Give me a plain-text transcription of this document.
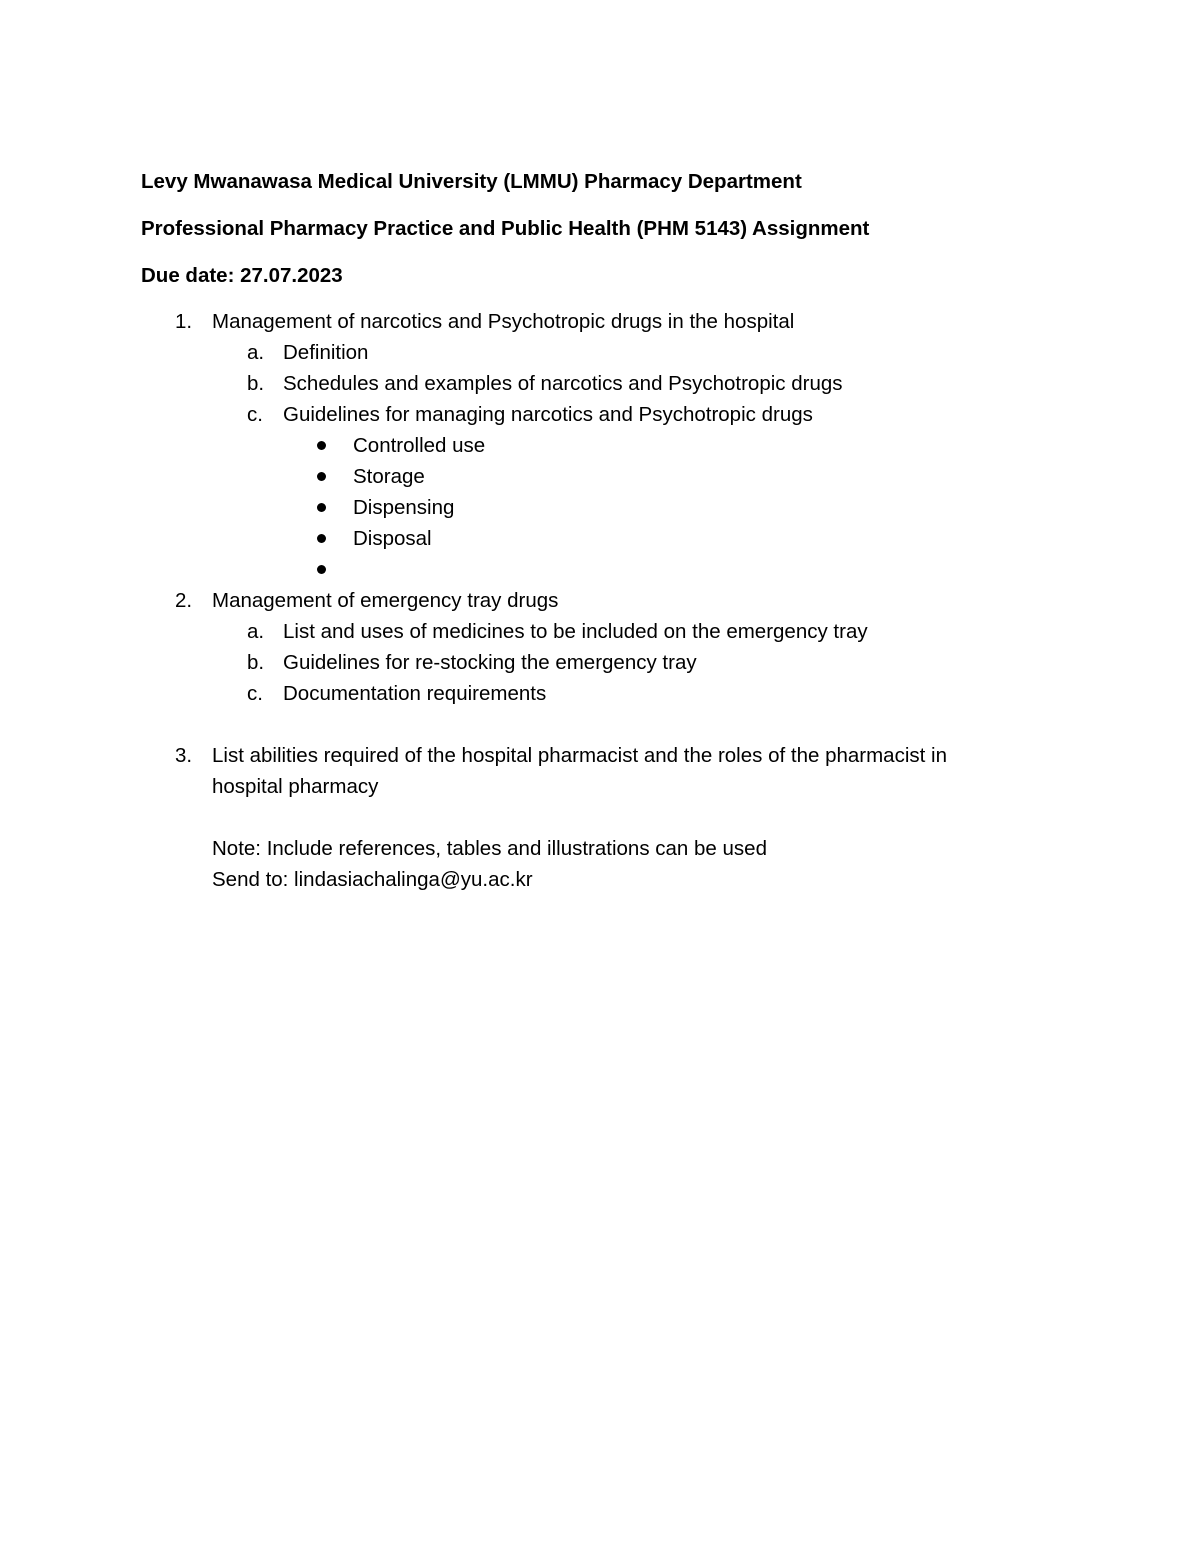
Levy Mwanawasa Medical University (LMMU) Pharmacy Department
Professional Pharmacy Practice and Public Health (PHM 5143) Assignment
Due date: 27.07.2023
1. Management of narcotics and Psychotropic drugs in the hospital
a. Definition
b. Schedules and examples of narcotics and Psychotropic drugs
c. Guidelines for managing narcotics and Psychotropic drugs
Controlled use
Storage
Dispensing
Disposal
2. Management of emergency tray drugs
a. List and uses of medicines to be included on the emergency tray
b. Guidelines for re-stocking the emergency tray
c. Documentation requirements
3. List abilities required of the hospital pharmacist and the roles of the pharmacist in
hospital pharmacy
Note: Include references, tables and illustrations can be used
Send to: lindasiachalinga@yu.ac.kr
